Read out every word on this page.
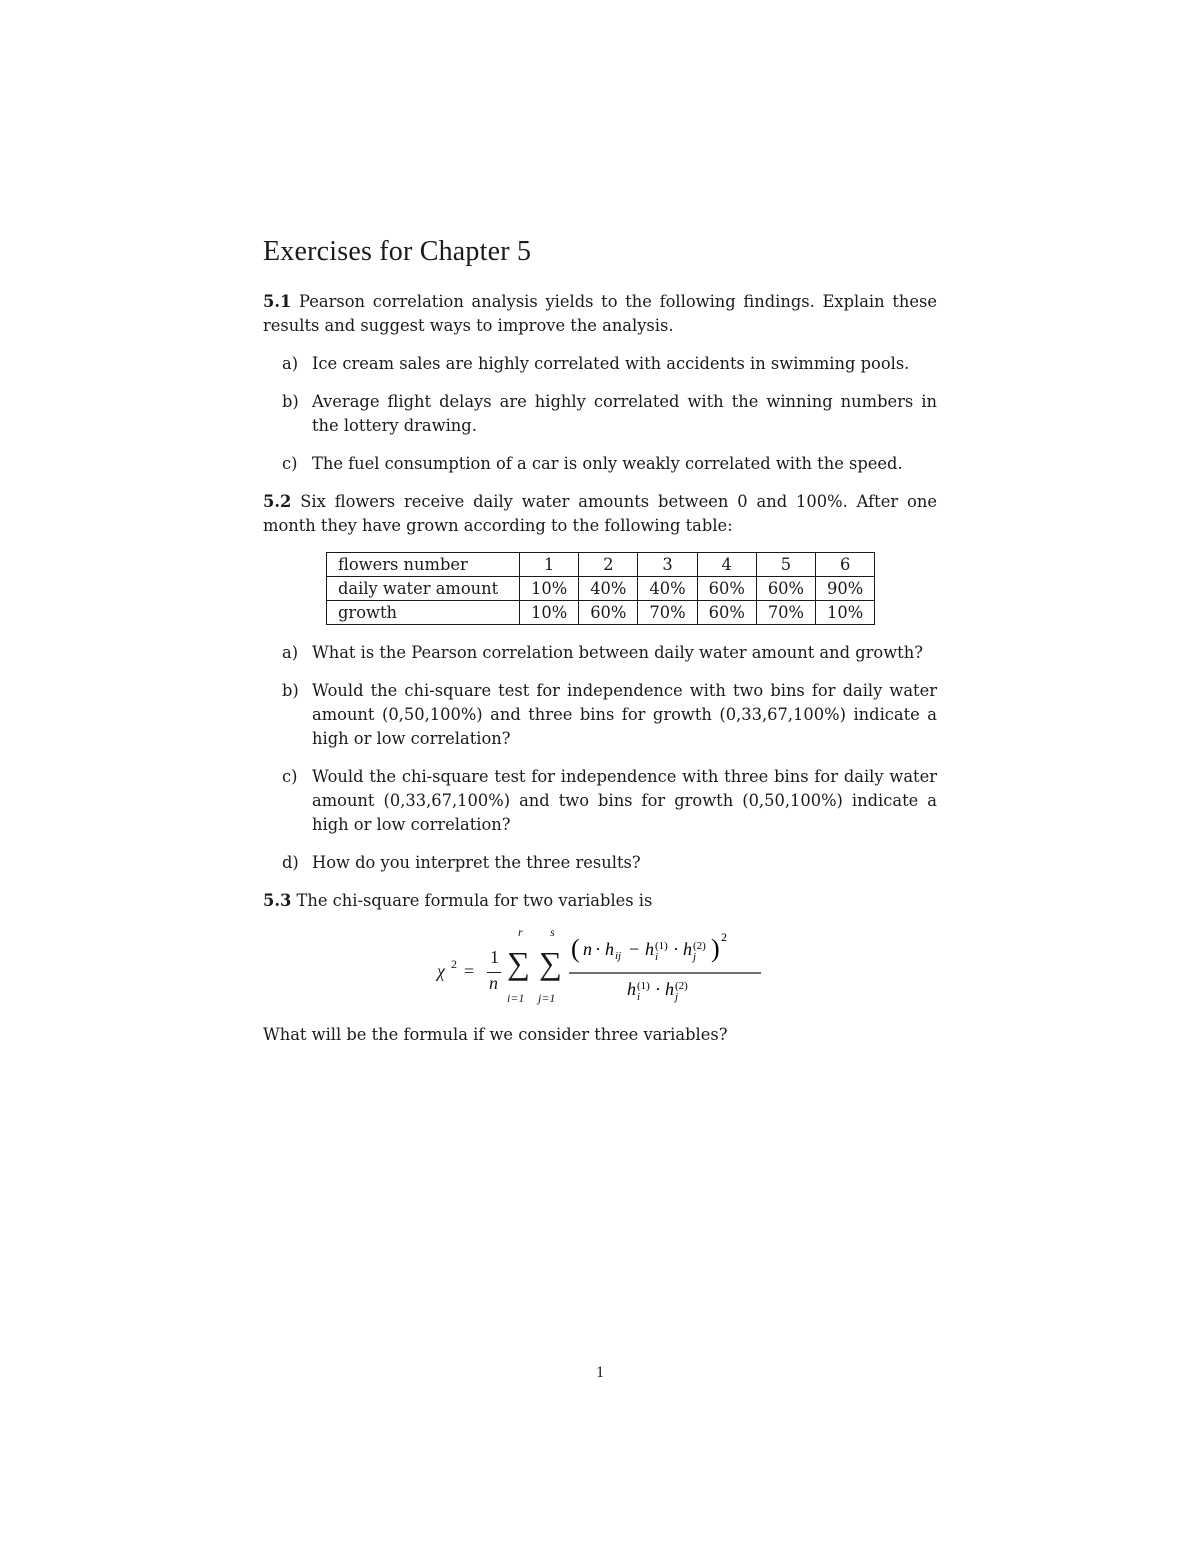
Exercises for Chapter 5

5.1 Pearson correlation analysis yields to the following findings. Explain these results and suggest ways to improve the analysis.

a) Ice cream sales are highly correlated with accidents in swimming pools.
b) Average flight delays are highly correlated with the winning numbers in the lottery drawing.
c) The fuel consumption of a car is only weakly correlated with the speed.

5.2 Six flowers receive daily water amounts between 0 and 100%. After one month they have grown according to the following table:

flowers number	1	2	3	4	5	6
daily water amount	10%	40%	40%	60%	60%	90%
growth	10%	60%	70%	60%	70%	10%
a) What is the Pearson correlation between daily water amount and growth?
b) Would the chi-square test for independence with two bins for daily water amount (0,50,100%) and three bins for growth (0,33,67,100%) indicate a high or low correlation?
c) Would the chi-square test for independence with three bins for daily water amount (0,33,67,100%) and two bins for growth (0,50,100%) indicate a high or low correlation?
d) How do you interpret the three results?

5.3 The chi-square formula for two variables is

χ 2 =
1
n
r
∑
i=1
s
∑
j=1
( n · h ij − h (1)
i · h (2)
j ) 2
h (1)
i · h (2)
j

What will be the formula if we consider three variables?

1
